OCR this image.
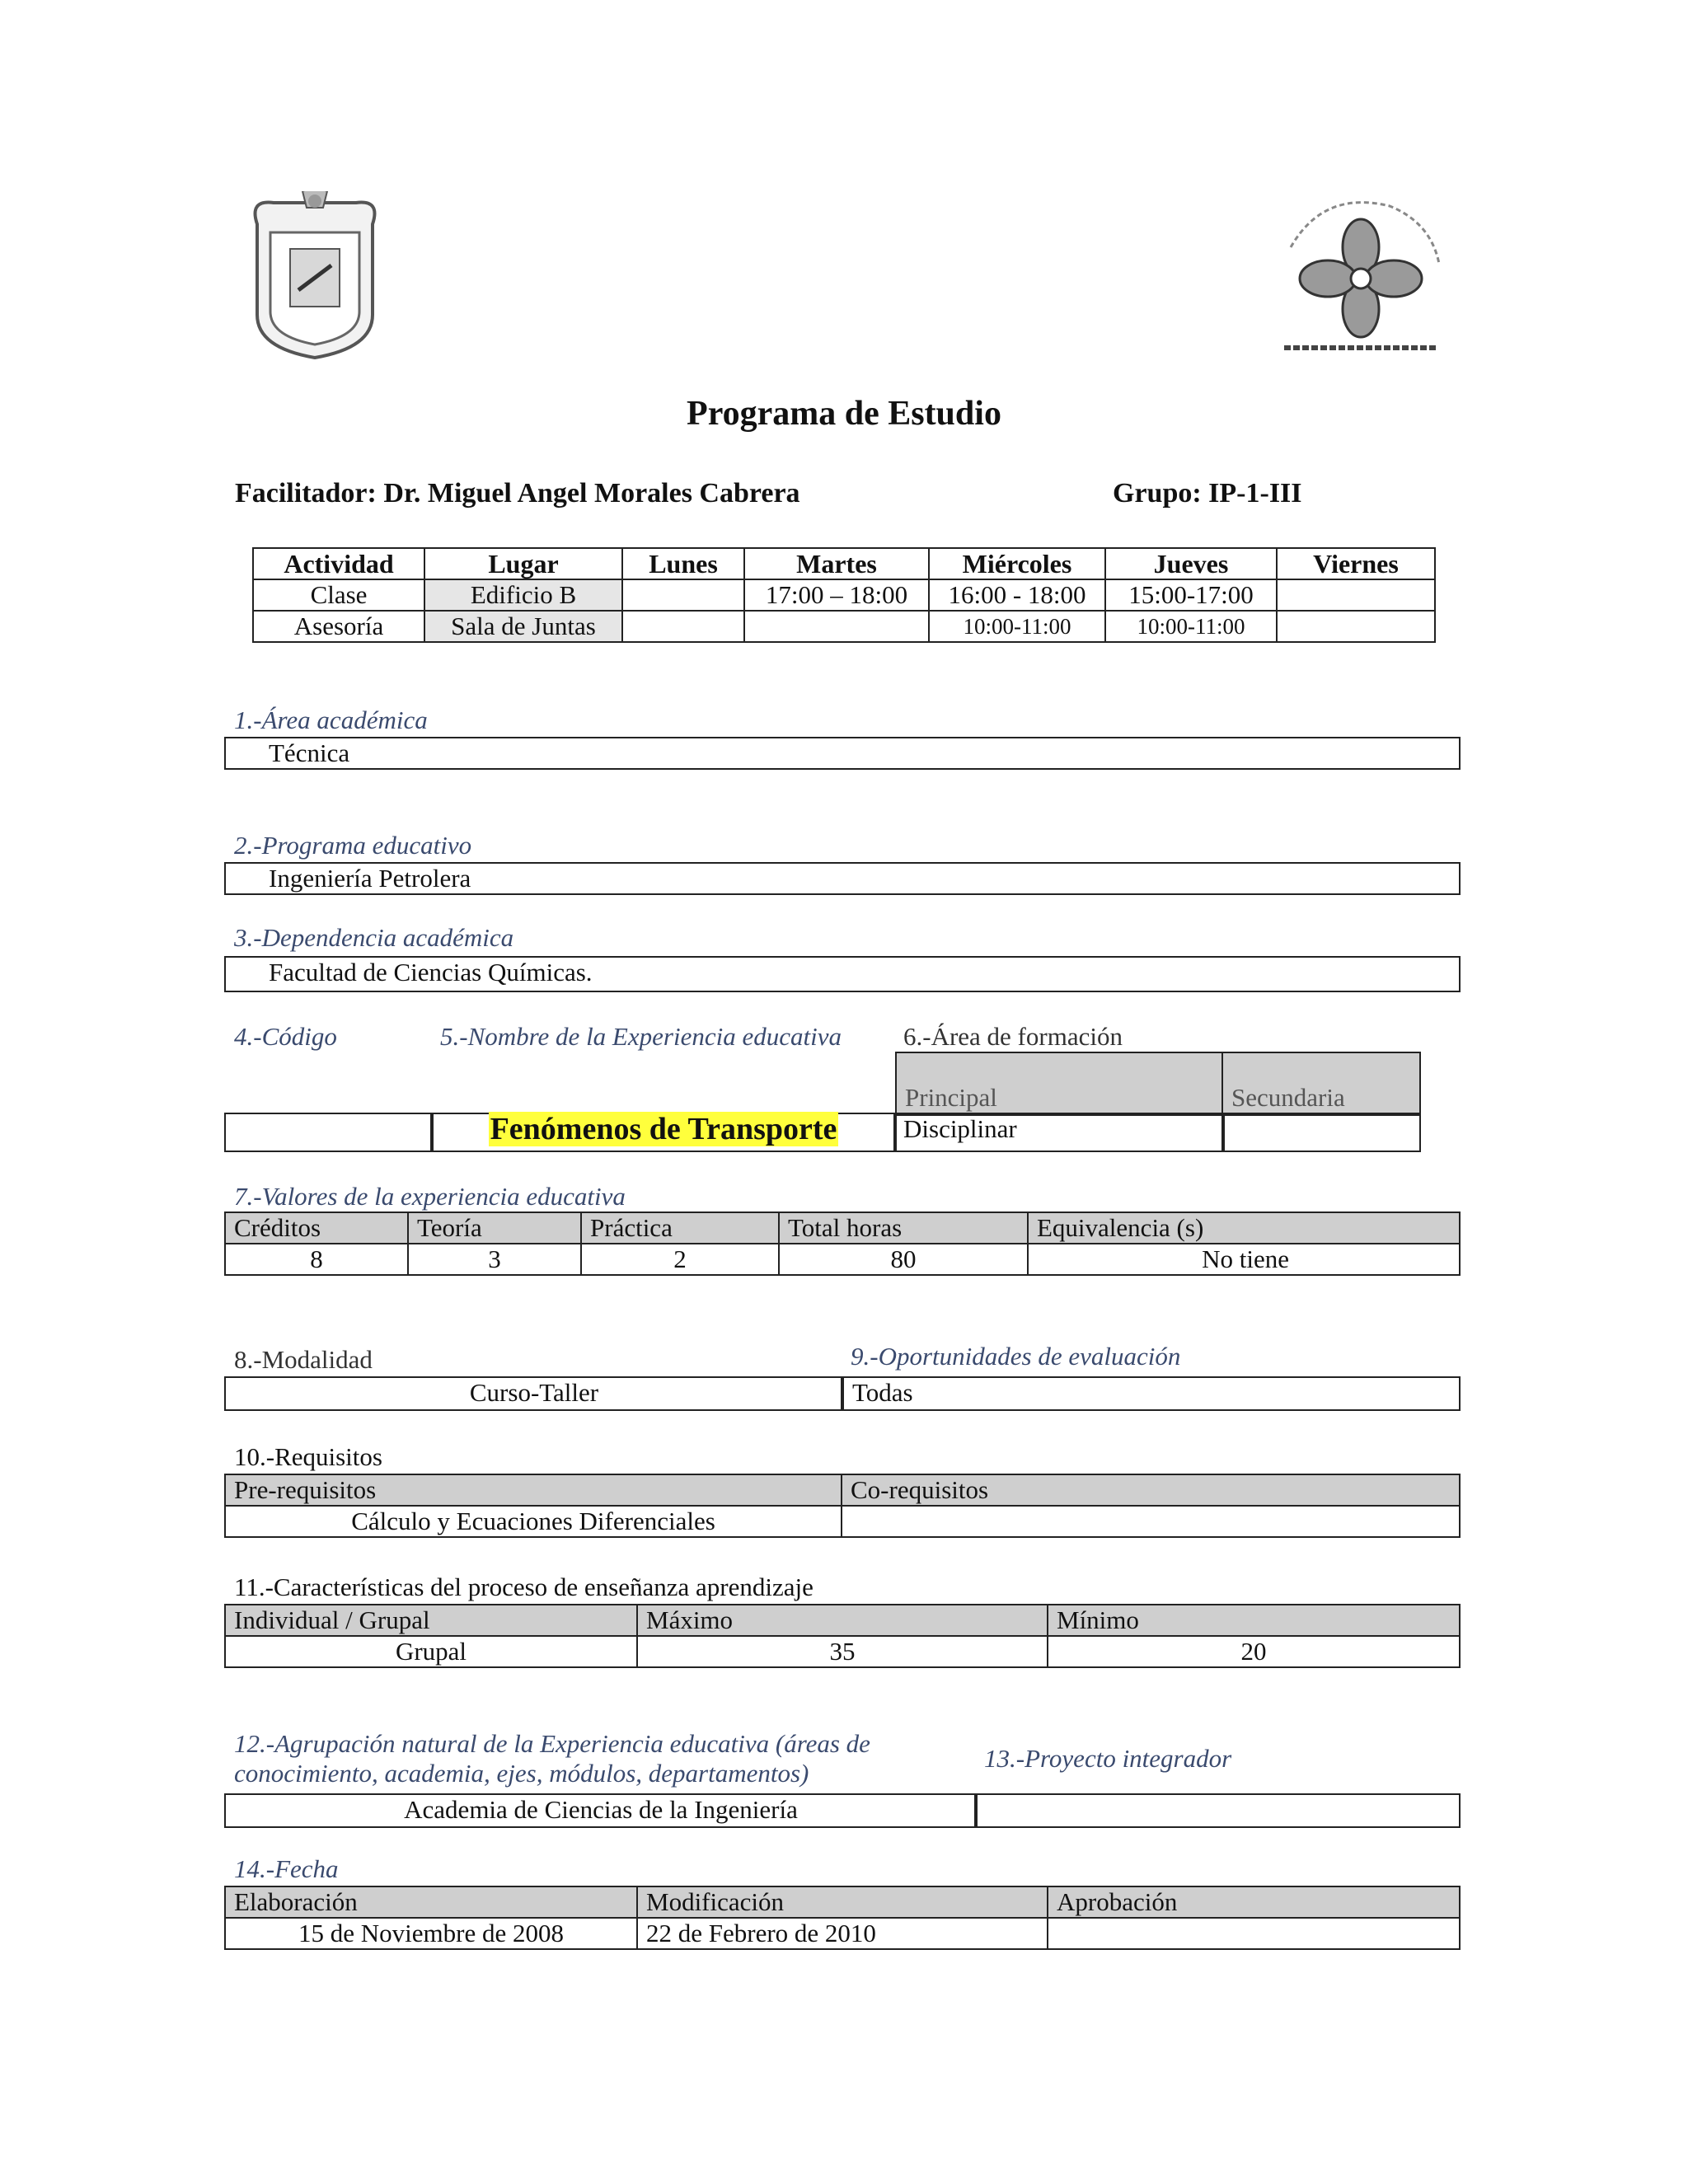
Programa de Estudio
Facilitador: Dr. Miguel Angel Morales Cabrera	Grupo: IP-1-III
Actividad	Lugar	Lunes	Martes	Miércoles	Jueves	Viernes
Clase	Edificio B		17:00 – 18:00	16:00 - 18:00	15:00-17:00	
Asesoría	Sala de Juntas			10:00-11:00	10:00-11:00	
1.-Área académica
Técnica
2.-Programa educativo
Ingeniería Petrolera
3.-Dependencia académica
Facultad de Ciencias Químicas.
4.-Código	5.-Nombre de la Experiencia educativa 6.-Área de formación
Principal	Secundaria
Fenómenos de Transporte	Disciplinar
7.-Valores de la experiencia educativa
Créditos	Teoría	Práctica	Total horas	Equivalencia (s)
8	3	2	80	No tiene
8.-Modalidad	9.-Oportunidades de evaluación
Curso-Taller	Todas
10.-Requisitos
Pre-requisitos	Co-requisitos
Cálculo y Ecuaciones Diferenciales	
11.-Características del proceso de enseñanza aprendizaje
Individual / Grupal	Máximo	Mínimo
Grupal	35	20
12.-Agrupación natural de la Experiencia educativa (áreas de
conocimiento, academia, ejes, módulos, departamentos)
13.-Proyecto integrador
Academia de Ciencias de la Ingeniería
14.-Fecha
Elaboración	Modificación	Aprobación
15 de Noviembre de 2008	22 de Febrero de 2010	
